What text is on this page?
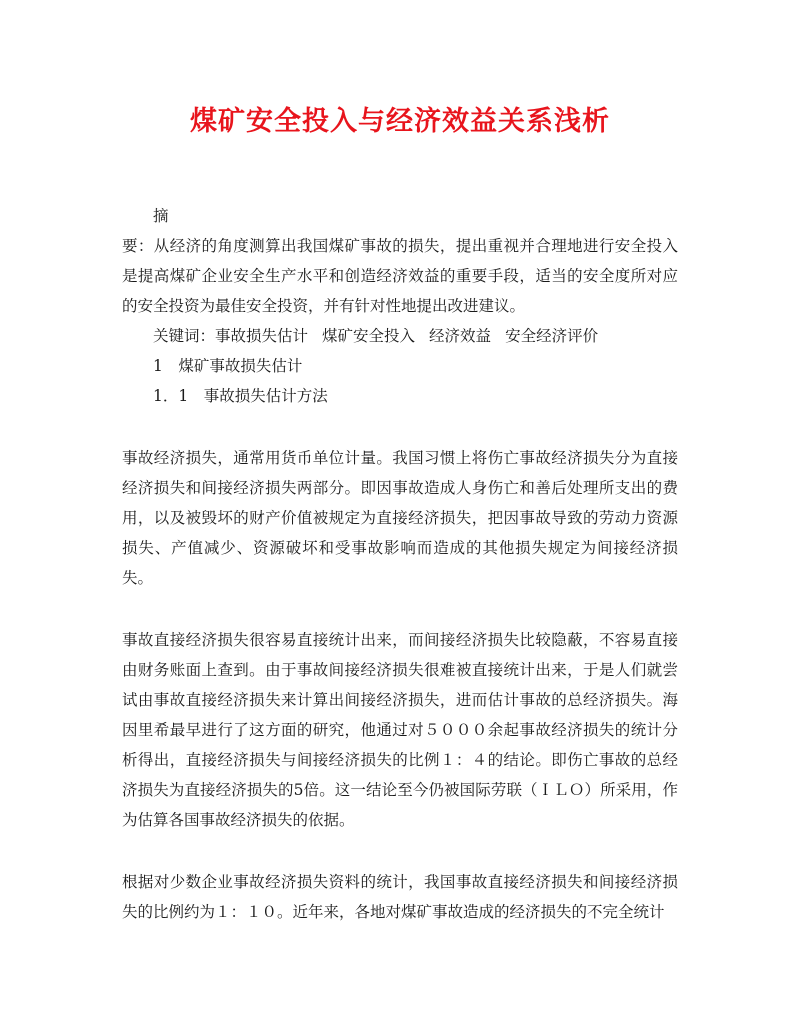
煤矿安全投入与经济效益关系浅析

摘

要：从经济的角度测算出我国煤矿事故的损失，提出重视并合理地进行安全投入是提高煤矿企业安全生产水平和创造经济效益的重要手段，适当的安全度所对应的安全投资为最佳安全投资，并有针对性地提出改进建议。

关键词：事故损失估计 煤矿安全投入 经济效益 安全经济评价

1　煤矿事故损失估计

1．1　事故损失估计方法

事故经济损失，通常用货币单位计量。我国习惯上将伤亡事故经济损失分为直接经济损失和间接经济损失两部分。即因事故造成人身伤亡和善后处理所支出的费用，以及被毁坏的财产价值被规定为直接经济损失，把因事故导致的劳动力资源损失、产值减少、资源破坏和受事故影响而造成的其他损失规定为间接经济损失。

事故直接经济损失很容易直接统计出来，而间接经济损失比较隐蔽，不容易直接由财务账面上查到。由于事故间接经济损失很难被直接统计出来，于是人们就尝试由事故直接经济损失来计算出间接经济损失，进而估计事故的总经济损失。海因里希最早进行了这方面的研究，他通过对５０００余起事故经济损失的统计分析得出，直接经济损失与间接经济损失的比例１：４的结论。即伤亡事故的总经济损失为直接经济损失的5倍。这一结论至今仍被国际劳联（ＩＬＯ）所采用，作为估算各国事故经济损失的依据。

根据对少数企业事故经济损失资料的统计，我国事故直接经济损失和间接经济损失的比例约为１：１０。近年来，各地对煤矿事故造成的经济损失的不完全统计
